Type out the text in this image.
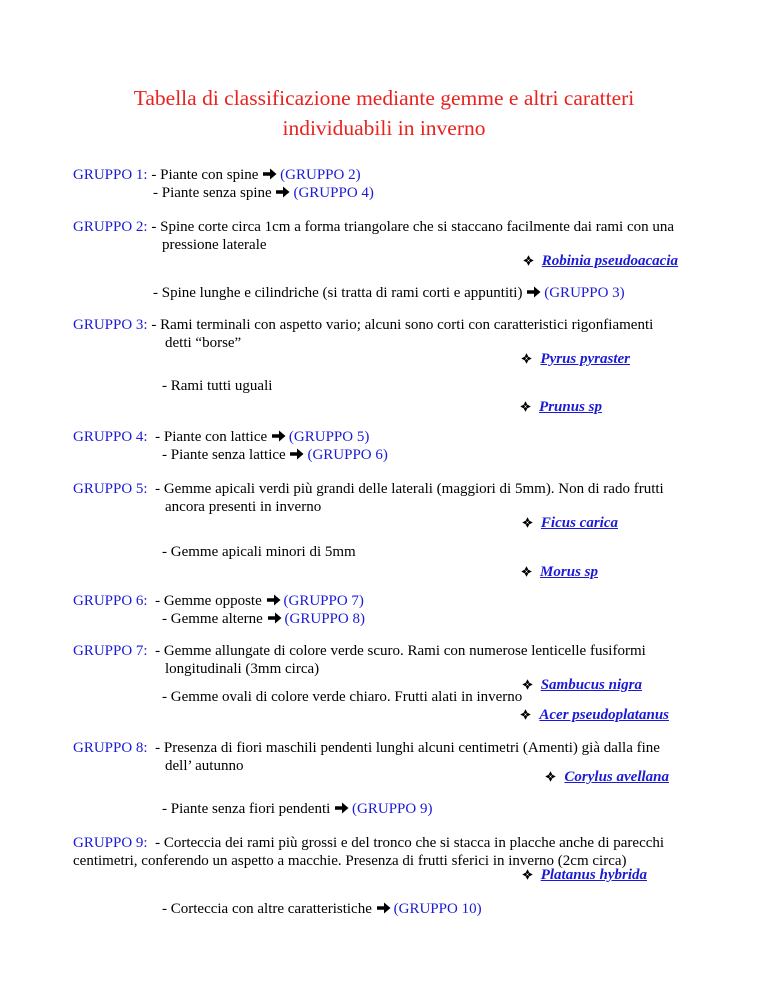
Tabella di classificazione mediante gemme e altri caratteri
individuabili in inverno
GRUPPO 1: - Piante con spine (GRUPPO 2)
- Piante senza spine (GRUPPO 4)
GRUPPO 2: - Spine corte circa 1cm a forma triangolare che si staccano facilmente dai rami con una
pressione laterale
Robinia pseudoacacia
- Spine lunghe e cilindriche (si tratta di rami corti e appuntiti) (GRUPPO 3)
GRUPPO 3: - Rami terminali con aspetto vario; alcuni sono corti con caratteristici rigonfiamenti
detti “borse”
Pyrus pyraster
- Rami tutti uguali
Prunus sp
GRUPPO 4: - Piante con lattice (GRUPPO 5)
- Piante senza lattice (GRUPPO 6)
GRUPPO 5: - Gemme apicali verdi più grandi delle laterali (maggiori di 5mm). Non di rado frutti
ancora presenti in inverno
Ficus carica
- Gemme apicali minori di 5mm
Morus sp
GRUPPO 6: - Gemme opposte (GRUPPO 7)
- Gemme alterne (GRUPPO 8)
GRUPPO 7: - Gemme allungate di colore verde scuro. Rami con numerose lenticelle fusiformi
longitudinali (3mm circa)
Sambucus nigra
- Gemme ovali di colore verde chiaro. Frutti alati in inverno
Acer pseudoplatanus
GRUPPO 8: - Presenza di fiori maschili pendenti lunghi alcuni centimetri (Amenti) già dalla fine
dell’ autunno
Corylus avellana
- Piante senza fiori pendenti (GRUPPO 9)
GRUPPO 9: - Corteccia dei rami più grossi e del tronco che si stacca in placche anche di parecchi
centimetri, conferendo un aspetto a macchie. Presenza di frutti sferici in inverno (2cm circa)
Platanus hybrida
- Corteccia con altre caratteristiche (GRUPPO 10)
